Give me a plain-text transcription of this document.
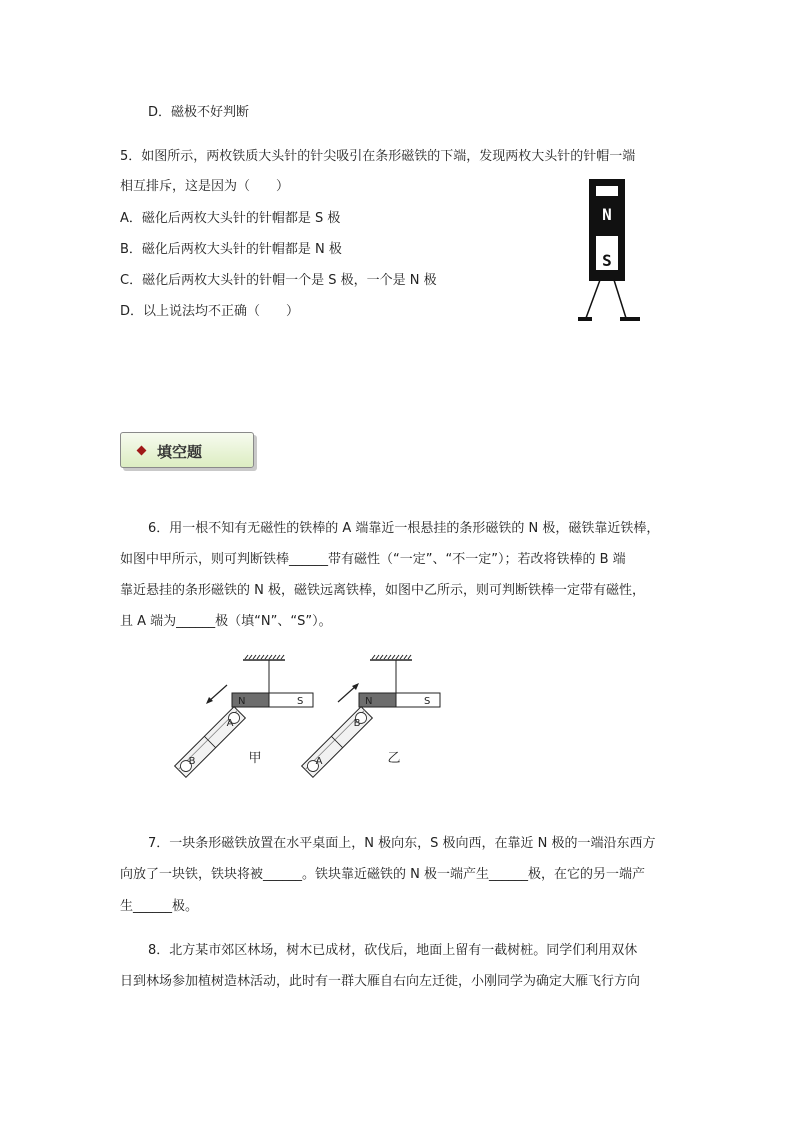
D．磁极不好判断
5．如图所示，两枚铁质大头针的针尖吸引在条形磁铁的下端，发现两枚大头针的针帽一端
相互排斥，这是因为（　　）
A．磁化后两枚大头针的针帽都是 S 极
B．磁化后两枚大头针的针帽都是 N 极
C．磁化后两枚大头针的针帽一个是 S 极，一个是 N 极
D．以上说法均不正确（　　）
N
S
填空题
6．用一根不知有无磁性的铁棒的 A 端靠近一根悬挂的条形磁铁的 N 极，磁铁靠近铁棒，
如图中甲所示，则可判断铁棒______带有磁性（“一定”、“不一定”）；若改将铁棒的 B 端
靠近悬挂的条形磁铁的 N 极，磁铁远离铁棒，如图中乙所示，则可判断铁棒一定带有磁性，
且 A 端为______极（填“N”、“S”）。
N	S
A
B	甲
N	S
B
A	乙
7．一块条形磁铁放置在水平桌面上，N 极向东，S 极向西，在靠近 N 极的一端沿东西方
向放了一块铁，铁块将被______。铁块靠近磁铁的 N 极一端产生______极，在它的另一端产
生______极。
8．北方某市郊区林场，树木已成材，砍伐后，地面上留有一截树桩。同学们利用双休
日到林场参加植树造林活动，此时有一群大雁自右向左迁徙，小刚同学为确定大雁飞行方向
